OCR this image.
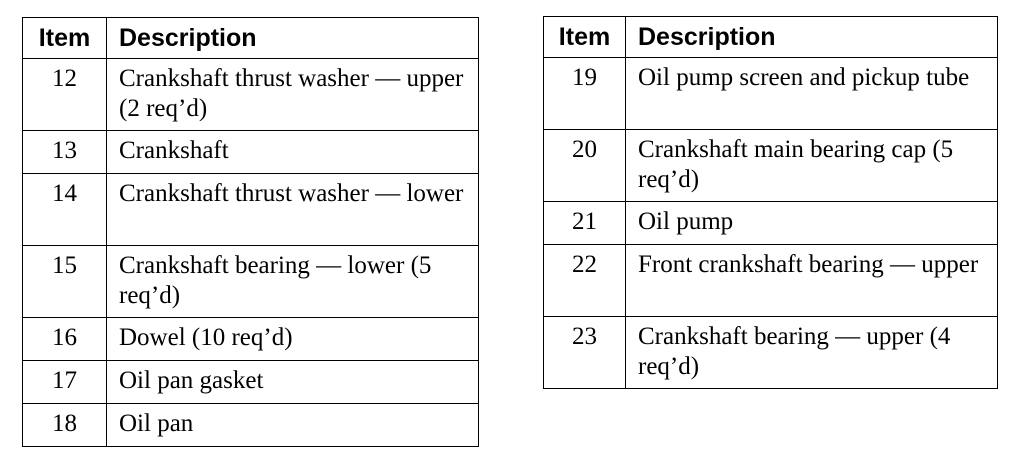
Item	Description
12	Crankshaft thrust washer — upper (2 req’d)
13	Crankshaft
14	Crankshaft thrust washer — lower
15	Crankshaft bearing — lower (5 req’d)
16	Dowel (10 req’d)
17	Oil pan gasket
18	Oil pan
Item	Description
19	Oil pump screen and pickup tube
20	Crankshaft main bearing cap (5 req’d)
21	Oil pump
22	Front crankshaft bearing — upper
23	Crankshaft bearing — upper (4 req’d)
